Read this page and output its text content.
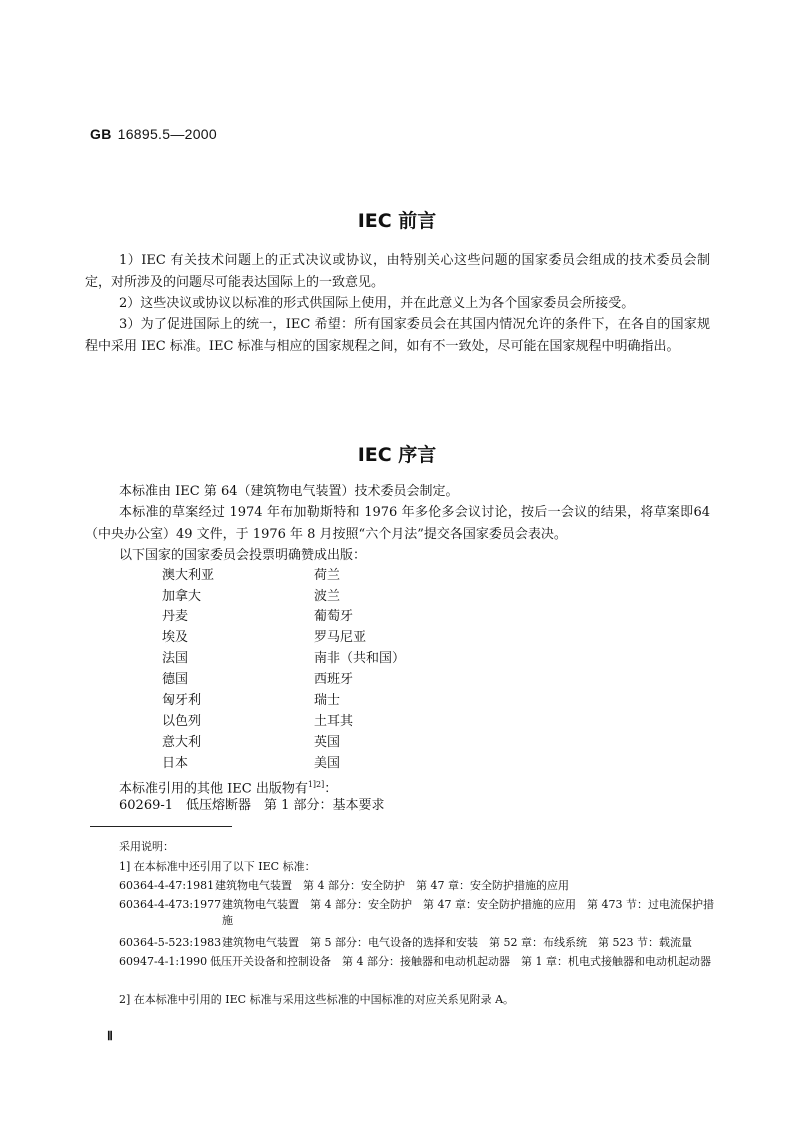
GB 16895.5—2000
IEC 前言

1）IEC 有关技术问题上的正式决议或协议，由特别关心这些问题的国家委员会组成的技术委员会制定，对所涉及的问题尽可能表达国际上的一致意见。

2）这些决议或协议以标准的形式供国际上使用，并在此意义上为各个国家委员会所接受。

3）为了促进国际上的统一，IEC 希望：所有国家委员会在其国内情况允许的条件下，在各自的国家规程中采用 IEC 标准。IEC 标准与相应的国家规程之间，如有不一致处，尽可能在国家规程中明确指出。

IEC 序言

本标准由 IEC 第 64（建筑物电气装置）技术委员会制定。

本标准的草案经过 1974 年布加勒斯特和 1976 年多伦多会议讨论，按后一会议的结果，将草案即64（中央办公室）49 文件，于 1976 年 8 月按照“六个月法”提交各国家委员会表决。

以下国家的国家委员会投票明确赞成出版：
澳大利亚
加拿大
丹麦
埃及
法国
德国
匈牙利
以色列
意大利
日本
荷兰
波兰
葡萄牙
罗马尼亚
南非（共和国）
西班牙
瑞士
土耳其
英国
美国
本标准引用的其他 IEC 出版物有$^{1]2]}$：
60269-1　低压熔断器　第 1 部分：基本要求
采用说明：
1] 在本标准中还引用了以下 IEC 标准：
60364-4-47:1981 建筑物电气装置　第 4 部分：安全防护　第 47 章：安全防护措施的应用
60364-4-473:1977 建筑物电气装置　第 4 部分：安全防护　第 47 章：安全防护措施的应用　第 473 节：过电流保护措施
60364-5-523:1983 建筑物电气装置　第 5 部分：电气设备的选择和安装　第 52 章：布线系统　第 523 节：载流量
60947-4-1:1990 低压开关设备和控制设备　第 4 部分：接触器和电动机起动器　第 1 章：机电式接触器和电动机起动器
2] 在本标准中引用的 IEC 标准与采用这些标准的中国标准的对应关系见附录 A。
Ⅱ
